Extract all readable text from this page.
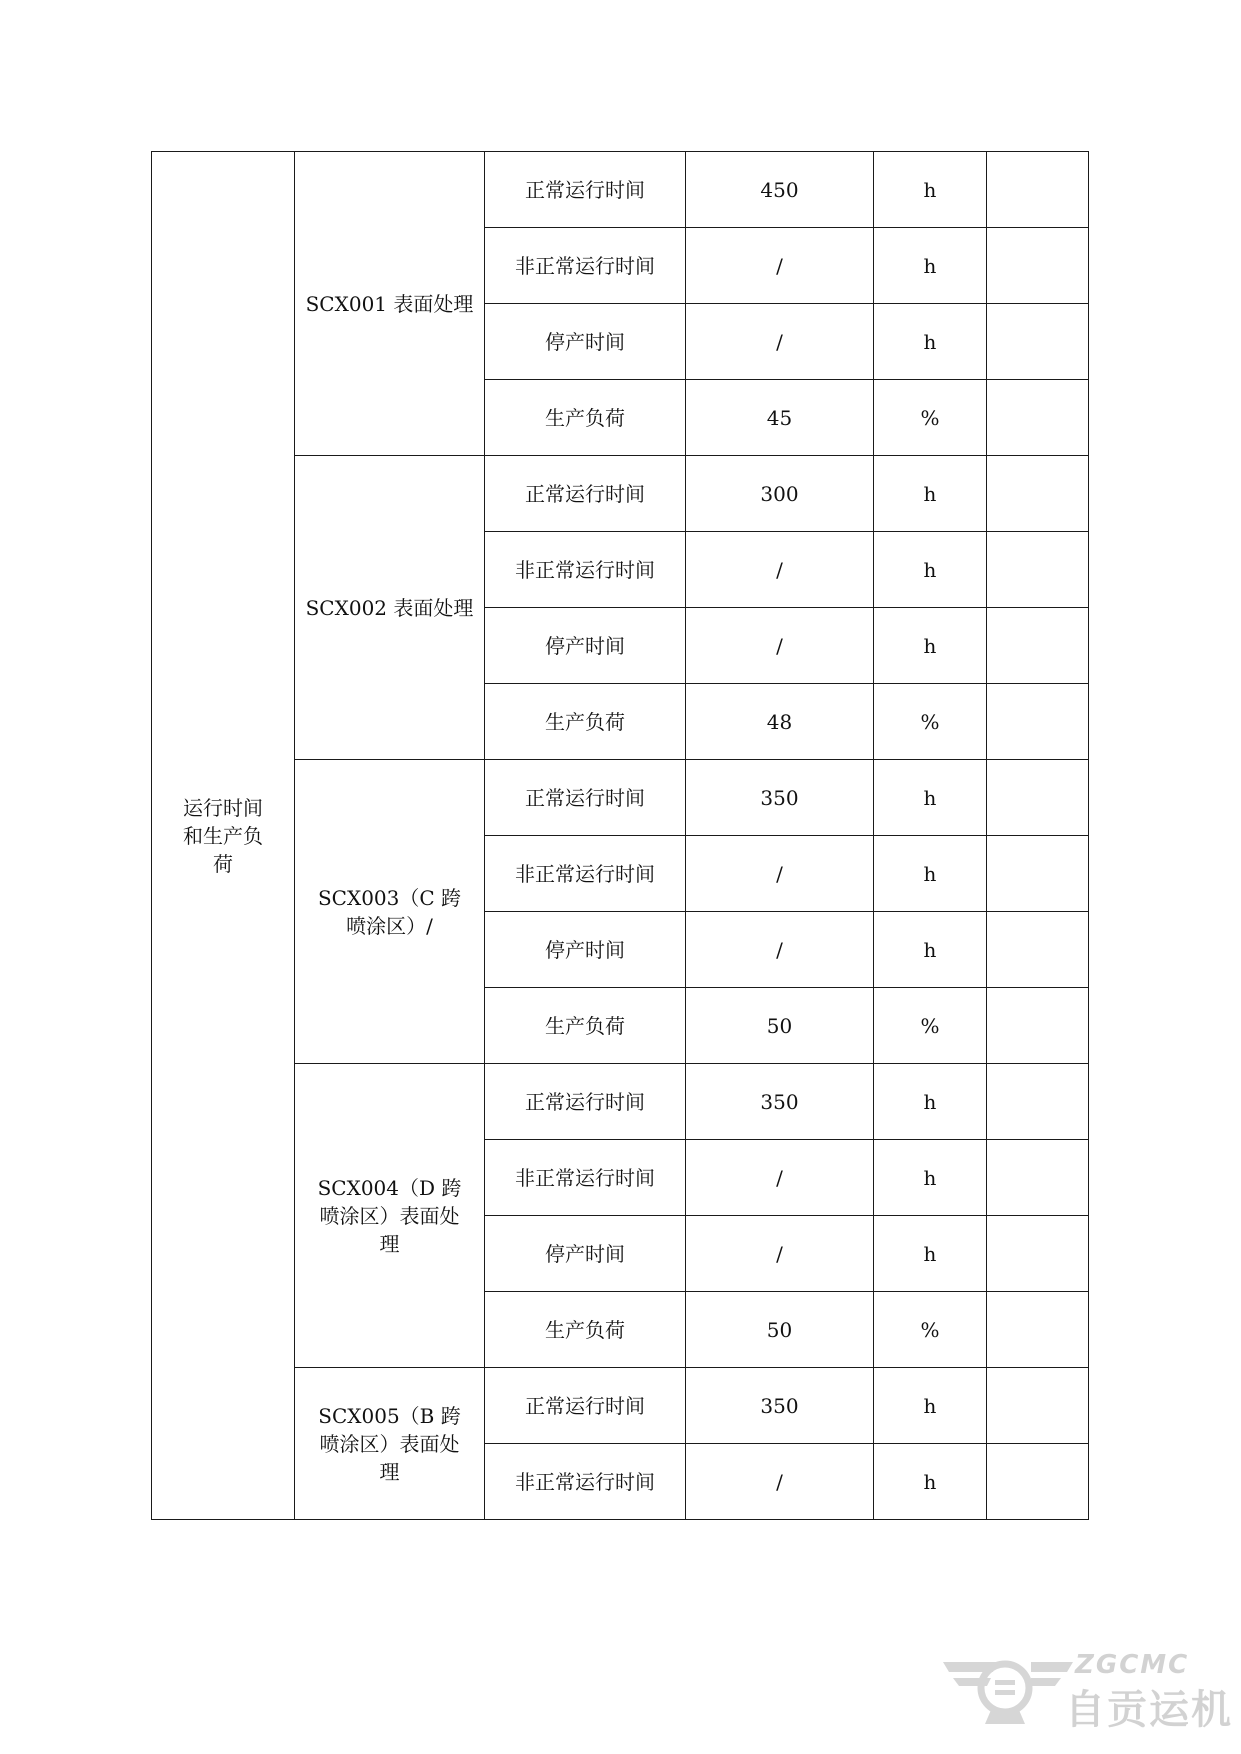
运行时间和生产负荷	SCX001 表面处理	正常运行时间	450	h	
		非正常运行时间	/	h	
		停产时间	/	h	
		生产负荷	45	%	
	SCX002 表面处理	正常运行时间	300	h	
		非正常运行时间	/	h	
		停产时间	/	h	
		生产负荷	48	%	
	SCX003（C 跨喷涂区）/	正常运行时间	350	h	
		非正常运行时间	/	h	
		停产时间	/	h	
		生产负荷	50	%	
	SCX004（D 跨喷涂区）表面处理	正常运行时间	350	h	
		非正常运行时间	/	h	
		停产时间	/	h	
		生产负荷	50	%	
	SCX005（B 跨喷涂区）表面处理	正常运行时间	350	h	
		非正常运行时间	/	h	
ZGCMC
自贡运机
